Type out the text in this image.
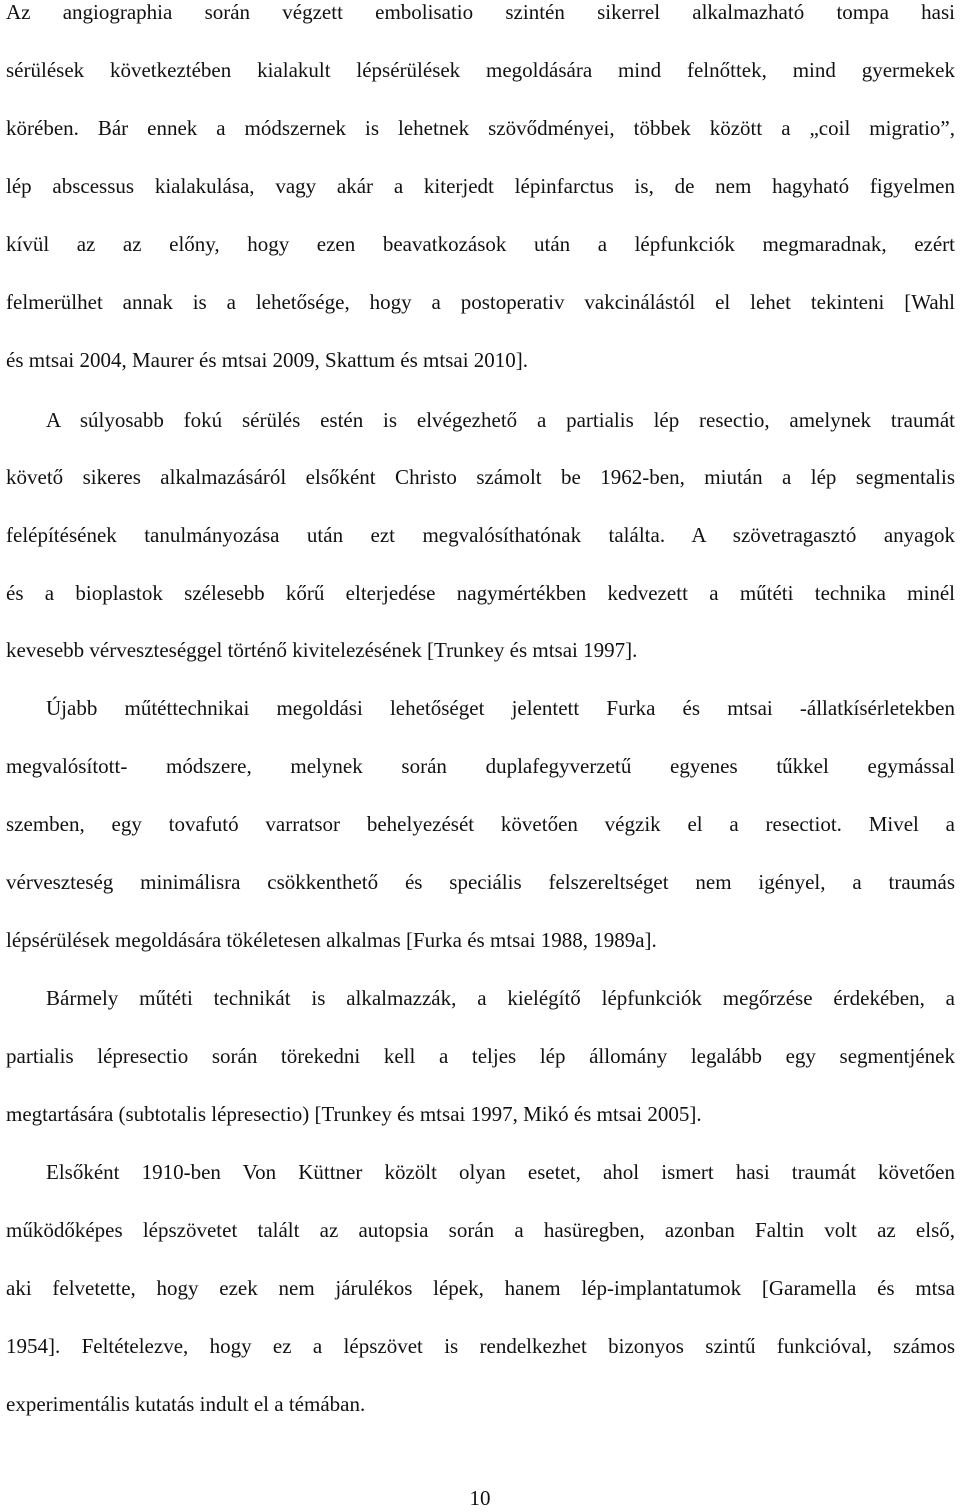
Az angiographia során végzett embolisatio szintén sikerrel alkalmazható tompa hasi
sérülések következtében kialakult lépsérülések megoldására mind felnőttek, mind gyermekek
körében. Bár ennek a módszernek is lehetnek szövődményei, többek között a „coil migratio”,
lép abscessus kialakulása, vagy akár a kiterjedt lépinfarctus is, de nem hagyható figyelmen
kívül az az előny, hogy ezen beavatkozások után a lépfunkciók megmaradnak, ezért
felmerülhet annak is a lehetősége, hogy a postoperativ vakcinálástól el lehet tekinteni [Wahl
és mtsai 2004, Maurer és mtsai 2009, Skattum és mtsai 2010].
A súlyosabb fokú sérülés estén is elvégezhető a partialis lép resectio, amelynek traumát
követő sikeres alkalmazásáról elsőként Christo számolt be 1962-ben, miután a lép segmentalis
felépítésének tanulmányozása után ezt megvalósíthatónak találta. A szövetragasztó anyagok
és a bioplastok szélesebb kőrű elterjedése nagymértékben kedvezett a műtéti technika minél
kevesebb vérveszteséggel történő kivitelezésének [Trunkey és mtsai 1997].
Újabb műtéttechnikai megoldási lehetőséget jelentett Furka és mtsai -állatkísérletekben
megvalósított- módszere, melynek során duplafegyverzetű egyenes tűkkel egymással
szemben, egy tovafutó varratsor behelyezését követően végzik el a resectiot. Mivel a
vérveszteség minimálisra csökkenthető és speciális felszereltséget nem igényel, a traumás
lépsérülések megoldására tökéletesen alkalmas [Furka és mtsai 1988, 1989a].
Bármely műtéti technikát is alkalmazzák, a kielégítő lépfunkciók megőrzése érdekében, a
partialis lépresectio során törekedni kell a teljes lép állomány legalább egy segmentjének
megtartására (subtotalis lépresectio) [Trunkey és mtsai 1997, Mikó és mtsai 2005].
Elsőként 1910-ben Von Küttner közölt olyan esetet, ahol ismert hasi traumát követően
működőképes lépszövetet talált az autopsia során a hasüregben, azonban Faltin volt az első,
aki felvetette, hogy ezek nem járulékos lépek, hanem lép-implantatumok [Garamella és mtsa
1954]. Feltételezve, hogy ez a lépszövet is rendelkezhet bizonyos szintű funkcióval, számos
experimentális kutatás indult el a témában.
10
